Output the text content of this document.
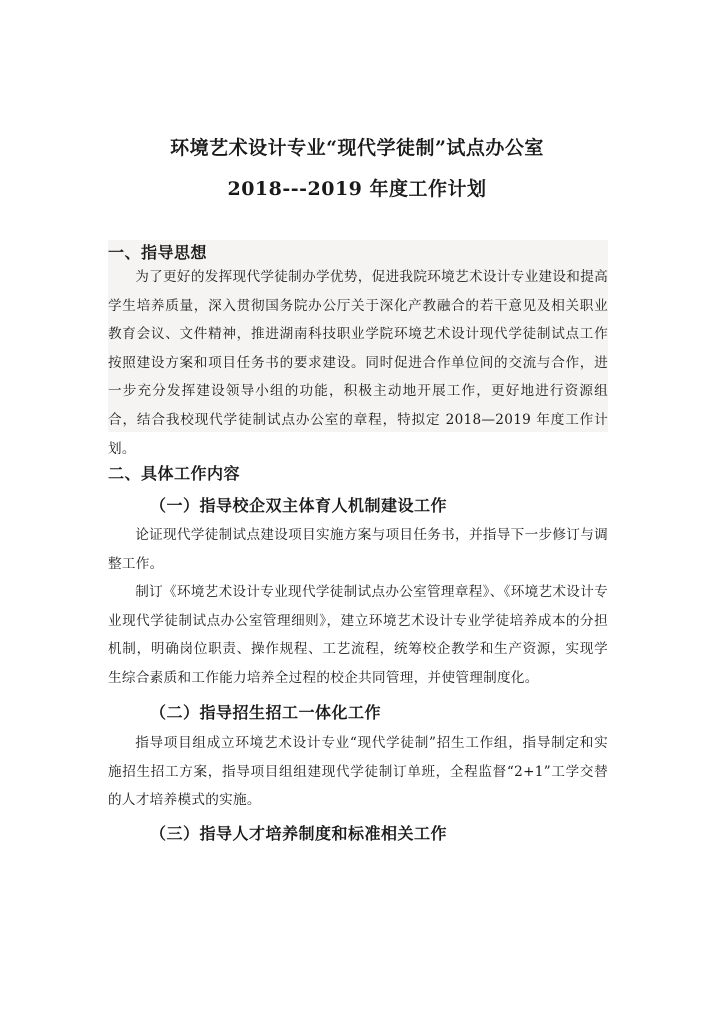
环境艺术设计专业“现代学徒制”试点办公室
2018---2019 年度工作计划
一、指导思想

为了更好的发挥现代学徒制办学优势，促进我院环境艺术设计专业建设和提高学生培养质量，深入贯彻国务院办公厅关于深化产教融合的若干意见及相关职业教育会议、文件精神，推进湖南科技职业学院环境艺术设计现代学徒制试点工作按照建设方案和项目任务书的要求建设。同时促进合作单位间的交流与合作，进一步充分发挥建设领导小组的功能，积极主动地开展工作，更好地进行资源组合，结合我校现代学徒制试点办公室的章程，特拟定 2018—2019 年度工作计划。

二、具体工作内容
（一）指导校企双主体育人机制建设工作

论证现代学徒制试点建设项目实施方案与项目任务书，并指导下一步修订与调整工作。

制订《环境艺术设计专业现代学徒制试点办公室管理章程》、《环境艺术设计专业现代学徒制试点办公室管理细则》，建立环境艺术设计专业学徒培养成本的分担机制，明确岗位职责、操作规程、工艺流程，统筹校企教学和生产资源，实现学生综合素质和工作能力培养全过程的校企共同管理，并使管理制度化。

（二）指导招生招工一体化工作

指导项目组成立环境艺术设计专业“现代学徒制”招生工作组，指导制定和实施招生招工方案，指导项目组组建现代学徒制订单班，全程监督“2+1”工学交替的人才培养模式的实施。

（三）指导人才培养制度和标准相关工作
